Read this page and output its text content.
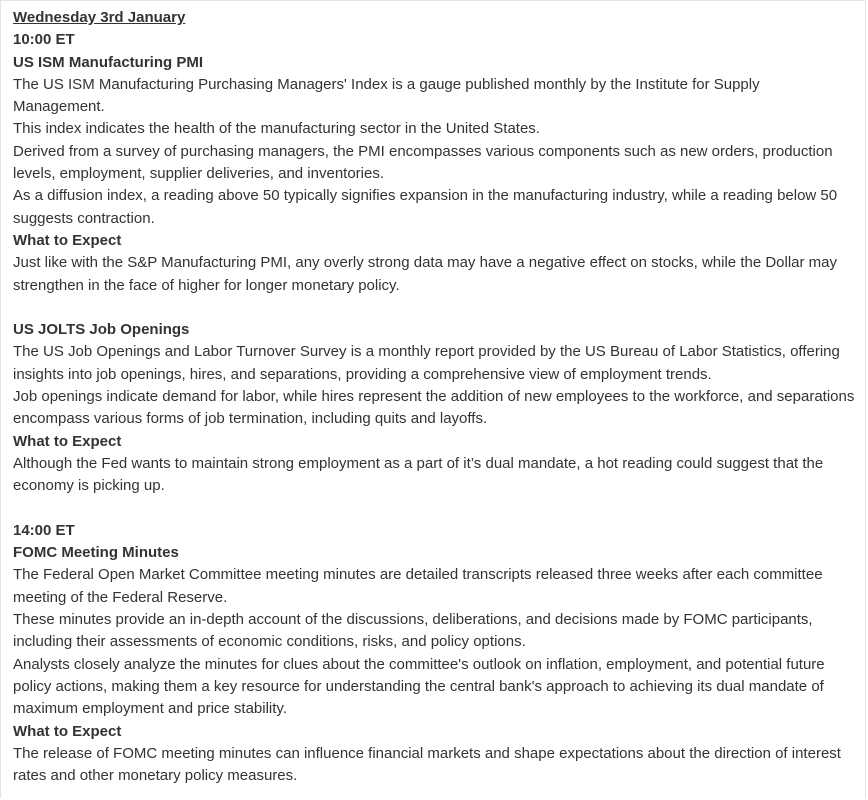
Wednesday 3rd January
10:00 ET
US ISM Manufacturing PMI

The US ISM Manufacturing Purchasing Managers' Index is a gauge published monthly by the Institute for Supply Management.

This index indicates the health of the manufacturing sector in the United States.

Derived from a survey of purchasing managers, the PMI encompasses various components such as new orders, production levels, employment, supplier deliveries, and inventories.

As a diffusion index, a reading above 50 typically signifies expansion in the manufacturing industry, while a reading below 50 suggests contraction.

What to Expect

Just like with the S&P Manufacturing PMI, any overly strong data may have a negative effect on stocks, while the Dollar may strengthen in the face of higher for longer monetary policy.

US JOLTS Job Openings

The US Job Openings and Labor Turnover Survey is a monthly report provided by the US Bureau of Labor Statistics, offering insights into job openings, hires, and separations, providing a comprehensive view of employment trends.

Job openings indicate demand for labor, while hires represent the addition of new employees to the workforce, and separations encompass various forms of job termination, including quits and layoffs.

What to Expect

Although the Fed wants to maintain strong employment as a part of it’s dual mandate, a hot reading could suggest that the economy is picking up.

14:00 ET
FOMC Meeting Minutes

The Federal Open Market Committee meeting minutes are detailed transcripts released three weeks after each committee meeting of the Federal Reserve.

These minutes provide an in-depth account of the discussions, deliberations, and decisions made by FOMC participants, including their assessments of economic conditions, risks, and policy options.

Analysts closely analyze the minutes for clues about the committee's outlook on inflation, employment, and potential future policy actions, making them a key resource for understanding the central bank's approach to achieving its dual mandate of maximum employment and price stability.

What to Expect

The release of FOMC meeting minutes can influence financial markets and shape expectations about the direction of interest rates and other monetary policy measures.
